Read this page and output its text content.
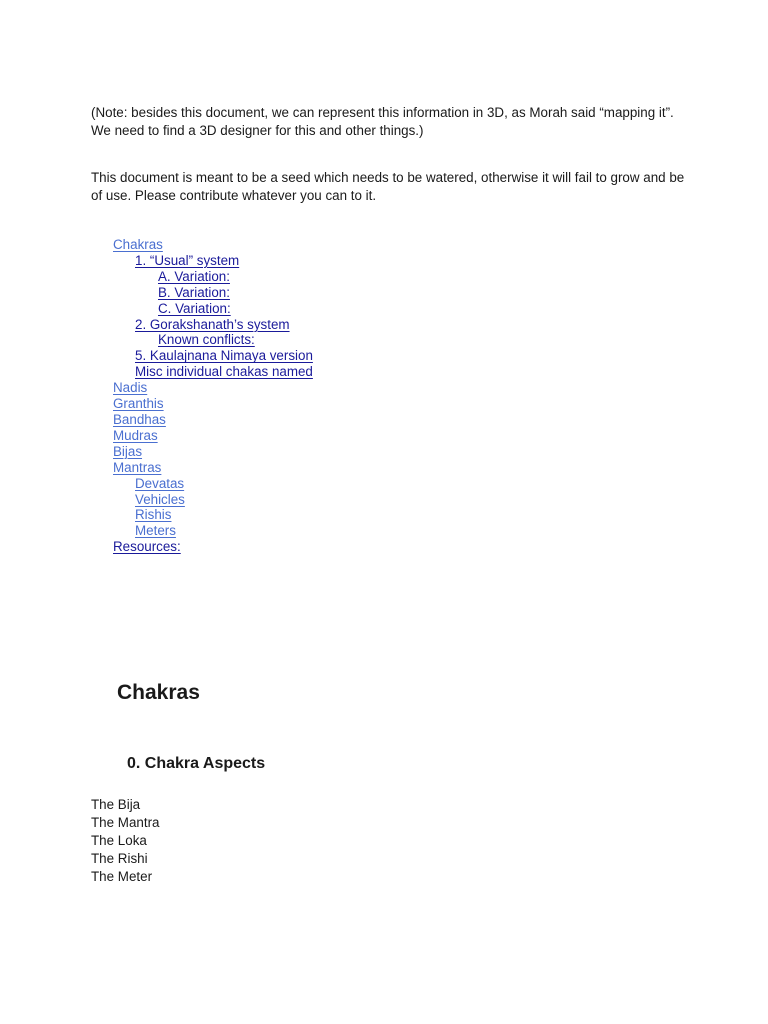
(Note: besides this document, we can represent this information in 3D, as Morah said “mapping it”. We need to find a 3D designer for this and other things.)

This document is meant to be a seed which needs to be watered, otherwise it will fail to grow and be of use. Please contribute whatever you can to it.

Chakras
1. “Usual” system
A. Variation:
B. Variation:
C. Variation:
2. Gorakshanath’s system
Known conflicts:
5. Kaulajnana Nimaya version
Misc individual chakas named
Nadis
Granthis
Bandhas
Mudras
Bijas
Mantras
Devatas
Vehicles
Rishis
Meters
Resources:
Chakras
0. Chakra Aspects
The Bija
The Mantra
The Loka
The Rishi
The Meter
